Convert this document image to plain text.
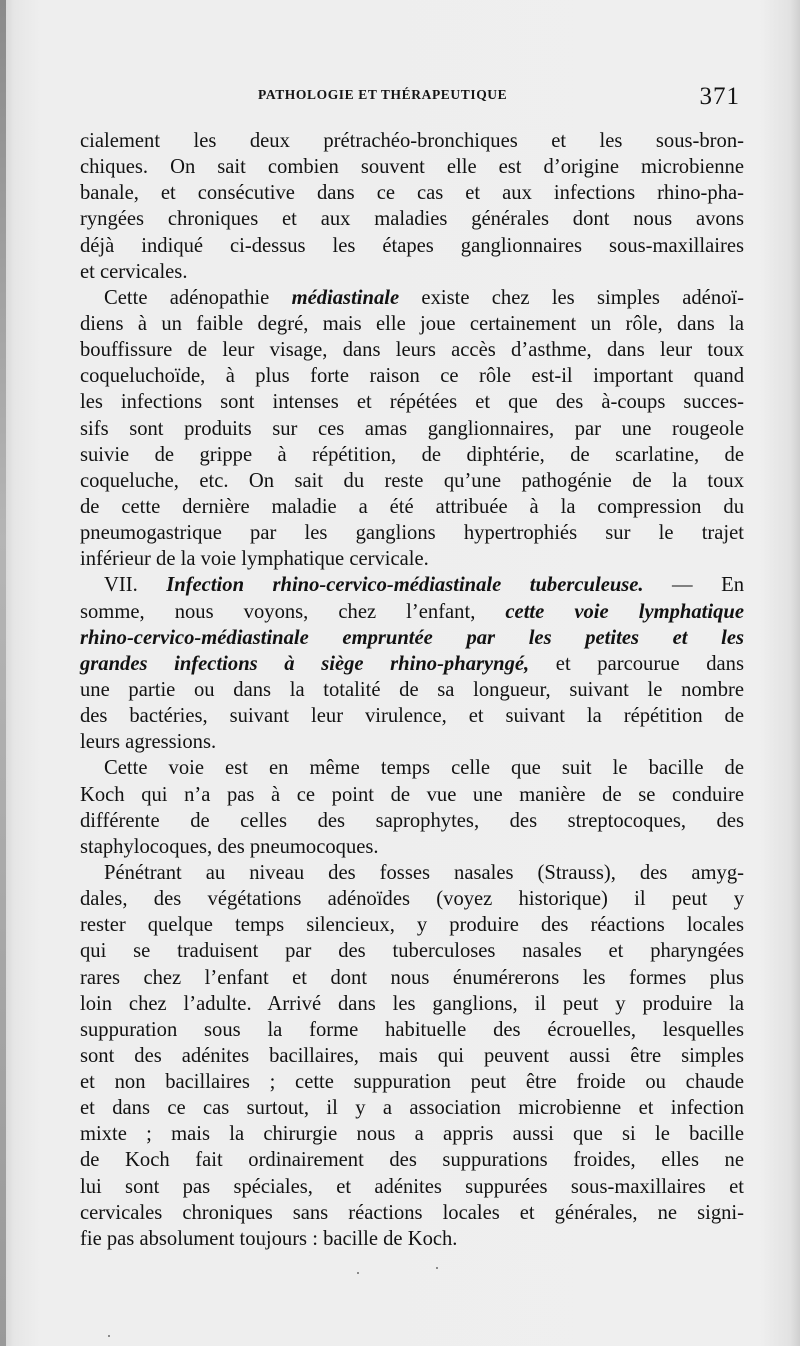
PATHOLOGIE ET THÉRAPEUTIQUE	371
cialement les deux prétrachéo-bronchiques et les sous-bron-
chiques. On sait combien souvent elle est d’origine microbienne
banale, et consécutive dans ce cas et aux infections rhino-pha-
ryngées chroniques et aux maladies générales dont nous avons
déjà indiqué ci-dessus les étapes ganglionnaires sous-maxillaires
et cervicales.
Cette adénopathie médiastinale existe chez les simples adénoï-
diens à un faible degré, mais elle joue certainement un rôle, dans la
bouffissure de leur visage, dans leurs accès d’asthme, dans leur toux
coqueluchoïde, à plus forte raison ce rôle est-il important quand
les infections sont intenses et répétées et que des à-coups succes-
sifs sont produits sur ces amas ganglionnaires, par une rougeole
suivie de grippe à répétition, de diphtérie, de scarlatine, de
coqueluche, etc. On sait du reste qu’une pathogénie de la toux
de cette dernière maladie a été attribuée à la compression du
pneumogastrique par les ganglions hypertrophiés sur le trajet
inférieur de la voie lymphatique cervicale.
VII. Infection rhino-cervico-médiastinale tuberculeuse. — En
somme, nous voyons, chez l’enfant, cette voie lymphatique
rhino-cervico-médiastinale empruntée par les petites et les
grandes infections à siège rhino-pharyngé, et parcourue dans
une partie ou dans la totalité de sa longueur, suivant le nombre
des bactéries, suivant leur virulence, et suivant la répétition de
leurs agressions.
Cette voie est en même temps celle que suit le bacille de
Koch qui n’a pas à ce point de vue une manière de se conduire
différente de celles des saprophytes, des streptocoques, des
staphylocoques, des pneumocoques.
Pénétrant au niveau des fosses nasales (Strauss), des amyg-
dales, des végétations adénoïdes (voyez historique) il peut y
rester quelque temps silencieux, y produire des réactions locales
qui se traduisent par des tuberculoses nasales et pharyngées
rares chez l’enfant et dont nous énumérerons les formes plus
loin chez l’adulte. Arrivé dans les ganglions, il peut y produire la
suppuration sous la forme habituelle des écrouelles, lesquelles
sont des adénites bacillaires, mais qui peuvent aussi être simples
et non bacillaires ; cette suppuration peut être froide ou chaude
et dans ce cas surtout, il y a association microbienne et infection
mixte ; mais la chirurgie nous a appris aussi que si le bacille
de Koch fait ordinairement des suppurations froides, elles ne
lui sont pas spéciales, et adénites suppurées sous-maxillaires et
cervicales chroniques sans réactions locales et générales, ne signi-
fie pas absolument toujours : bacille de Koch.
